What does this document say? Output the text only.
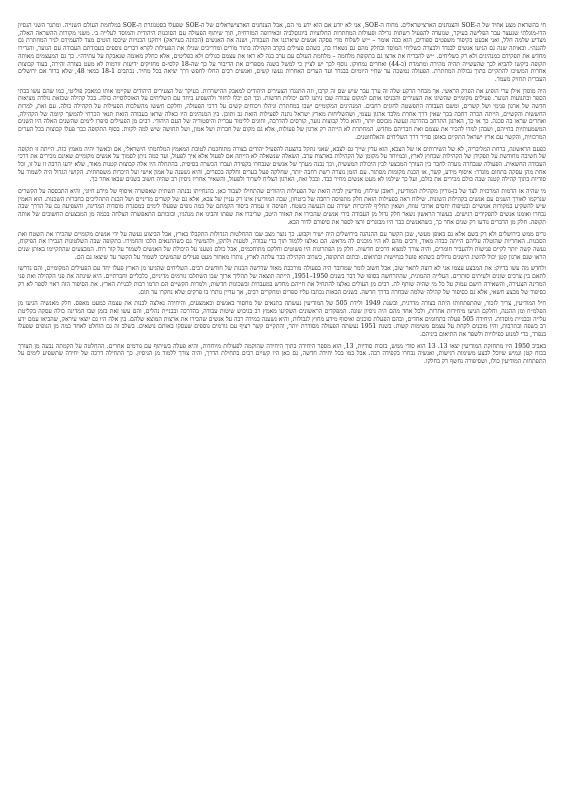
חי בהשראת מצע אחיד של ה-SOE והצנחנים הארצישראלים. מחוח ה-SOE, אני לא יודע אם הוא ידע מי הם, אבל הצנחנים הארצישראלים של ה-SOE שפעלו בסטנוגרת ה-SOE במלחמת העולם השנייה. ומתגר השני הנסיון הדו-מוגלתי שנעצר עבר הפלישה בעיקר, שנועדה להפעיל רשתות גרילה ופעולות המחתרות החלוציות ביוגוסלביה ובאירופה המזרחית, תוך שיתוף הפעולה עם הסוכנות היהודית והמוסד לעלייה ב׳. משני מקורות ההשראה האלה, מצדיע שלמה חלל, ואני אבעט בקיפור משפטים ספורים, הוא כבה אומר – ״יש לשלוח מדי פסקה אנשים שיארגנו את העבודה, ושנה את האנשים (הכוונה בעיראק) ויחקנו הכנויות שיכסו הוטים מצד להעמידם לניר המחתרת גם להגנה״. ובאותה שנה גם הגיעו אנשים לבגדד ולבצרה כשליחי המוסד ובחלק מהם גם נשארו בה, כשהם פעילים בקרב הקהילה בתור מורים ומדריכים שגילו את הפעילות לקרא דברים נוספים בעבודתם העבודה עם הנוער, והגדירו מחדש את תפקידם כמנהיגים ולא רק כשליחים. ״יש להבריח את ארצו גם בתקופת מלחמה – מלחמת העולם עם ערב בנה לא ראו את עצמם כגולים ולא כפליטים, אלא כחלק מאומה שנאבקת על עתידה״. כך גם המעצמים מאותה תקופה ביקשו להביא לכך שהעשייה תהיה מהירה ומתמדת (כ-44) ואחרים נמחוקו. נוסף לכך יש לציין כי למשל בשנה מספרים את הדיבור על כך שה-18 קלסי-ם מחזיקים ידיעות זורמות לא מעט בצורה זהירה, בעוד קבוצות אחרות המשיכו להתקיים בתוך גבולות המחתרת. הפעולה נמשכה עד שחיי היומיום בבגדד ועד הערים האחרות נעשו קשים, ואנשים רבים החלו לחפש דרך יציאה בכל מחיר. נכתבים 18-1 במאי 48, שלא ברור אם ירושלים העברית תחזיק מעמד.

היה מוסדן אילן ערי הופיע את הפרק הראשי. אך מבחר הרקע שלה זה ערך עבר שיש שם זה קרבו, וזה התנגדו הצעירים היהודים למאבק ההישרדות. בעיקר של הצעירים היהודים שקיימו אותו כמאבק פוליטי, כמו שהם עשו בבתי הספר ובתנועות הנוער. פעילים מקומיים שהשיגו את הצעירים והכניסו אותם למקום עבודה שבו ניתנו להם יכולות חדשות. וכך הם יכלו לחזור ולהשפיע ביחד עם השליחים על האוכלוסייה כולה. בכל קהילה שכזאת נולדה מציאות חדשה של ארגון פנימי ושל קשרים, ומשם העבודה התפשטה לחוגים רחבים. המנהיגים המקומיים ישבו במחתרת וניהלו ויכוחים קשים על דרכי הפעולה, וחלקם חששו מהשלכות הפעילות על הקהילה כולה. עם זאת, למרות החששות והקשיים, הייתה הכרה רחבה בכך שאין דרך אחרת מלבד ארגון עצמי, ושהשליחות מארץ ישראל נתנה לפעילות הזאת גב ותוכן. בין המנהיגים היו כאלה שראו בעבודה הזאת תנאי הכרחי להמשך קיומה של הקהילה, ואחרים שראו בה סכנה. כך או כך, הארגון התרחב בהדרגה ונעשה מבוסס יותר, והוא כלל קבוצות נוער, קורסים להדרכה, וחוגים ללימוד עברית והיסטוריה של העם היהודי. רבים מן הפעילים סיפרו לימים שהשנים האלה היו השנים המשמעותיות בחייהם, ושבהן למדו להכיר את עצמם ואת חבריהם מחדש. המחתרת לא הייתה רק ארגון של פעולות, אלא גם מקום של חברות ושל אמון, ושל תחושה שיש למה לקוות. בסוף התקופה כבר פעלו קבוצות בכל הערים המרכזיות, והקשר עם ארץ ישראל התקיים באופן סדיר דרך השליחים והאלחוטנים.

כפעם הראשונה, ברחת המליבריה, לא של השירותים או של הצבא, הוא עדין שייך גם לצבא, שאני נתקל בהצעה להפעיל יהודים בצורה מתוחכמת לטובת המאמץ המלחמתי הישראלי, אם וכאשר יהיה מאמץ כזה. הייתה זו תקופה של חשיבה מחודשת על תפקידן של הקהילות שבחוץ לארץ, ובמיוחד על מקומן של הקהילות בארצות ערב. השאלה שנשאלה לא הייתה אם לפעול אלא איך לפעול, ועד כמה ניתן לסמוך על אנשים מקומיים שאינם מכירים את דרכי העבודה החשאית. הפעולה שנבחרה נועדה לחבר בין הצורך המבצעי לבין היכולת המעשית, וכך נבנה מערך של אנשים שנבחרו בקפידה ועברו הכשרה בסיסית. בהתחלה היו אלה קבוצות קטנות מאוד, שלא ידעו הרבה זו על זו, וכל אחת מהן עסקה בתחום מוגדר: איסוף מידע, קשר, או הכנת מקומות מסתור. עם הזמן נוצרה רשת רחבה יותר, שחלקה פעל בערים וחלקה בכפרים, והיא נשענה על אמון אישי ועל היכרות משפחתית. הקושי הגדול היה לשמור על סודיות בתוך קהילה קטנה שבה כולם מכירים את כולם, ועל כך שילמו לא מעט אנשים מחיר כבד. ובכל זאת, הארגון הצליח לשרוד ולפעול, והשאיר אחריו ניסיון רב שהיה חשוב בשנים שבאו אחר כך.

מי שהיה אז הדמות המרכזית לצד של בן-גוריון מקהילת המודיעין, ראובן שילוח, מודיעין לביה הזאת של הפעילות היהודים שהתחילו לעבוד כאן. בהנחייתו נבנתה תשתית שאפשרה איסוף של מידע חיוני, והיא התבססה על הקשרים שנרקמו לאורך השנים עם אנשים בקהילות השונות. שילוח ראה בפעילות הזאת חלק מתפיסה רחבה של ביטחון, שבה המודיעין אינו רק עניין של צבא, אלא גם של קשרים מדיניים ושל הבנת התהליכים בחברות השכנות. הוא האמין שיש להשקיע במקורות אנושיים ובטיפוח יחסים ארוכי טווח, ושאין תחליף להיכרות ישירה עם הנעשה בשטח. תפיסה זו עמדה ביסוד הקמתם של כמה גופים שפעלו לימים במסגרת מוסדות המדינה, והשפיעה גם על הדרך שבה נבחרו ואומנו אנשים לתפקידים רגישים. בעשור הראשון נשאר חלק גדול מן העבודה בידי אנשים שהכירו את האזור היטב, שדיברו את שפתו והבינו את מנהגיו, ובזכותם התאפשרה הצלחה בכמה מן המבצעים החשובים של אותה תקופה. חלק מן הדברים נודעו רק שנים אחר כך, כשהאנשים כבר היו מבוגרים ורצו לספר את סיפורם לדור הבא.

גרים ממש בירושלים ולא רק בשם אלא גם באופן מעשי, שכן הקשר עם ההנהגה בירושלים היה ישיר וקבוע. כך נוצר מצב שבו ההחלטות הגדולות התקבלו בארץ, אבל הביצוע נעשה על ידי אנשים מקומיים שהכירו את השטח ואת הסכנות. האחריות שהוטלה עליהם הייתה כבדה מאוד, ורבים מהם לא היו מוכנים לה מראש. הם נאלצו ללמוד תוך כדי עבודה, לטעות ולתקן, ולהמשיך גם כשהתנאים הלכו והחמירו. בתקופה שבה השלטונות הגבירו את הפיקוח, נעשה קשה יותר לקיים פגישות ולהעביר חומרים, והיה צורך למצוא דרכים חדשות. חלק מן הפתרונות היו פשוטים וחלקם מתוחכמים, אבל כולם נשענו על היכולת של האנשים לשמור על קור רוח. המבצעים שהתקיימו באותן שנים הראו שגם ארגון קטן יכול להשיג הישגים גדולים כשהוא פועל בנחישות ובתיאום. ובתום התקופה, כשרוב הקהילה כבר עלתה לארץ, נותרו מאחור מעט פעילים שהמשיכו לשמור על הקשר עד שיצאו גם הם.

ולחדש מה עשו בדיוק: את המבצע עצמו אני לא רוצה לתאר שוב, אבל חשוב לומר שמדובר היה בפעולה מורכבת מאוד שדרשה הכנות של חודשים רבים. השליחים שהגיעו מן הארץ פעלו יחד עם הפעילים המקומיים, והם נדרשו לתאם בין צרכים שונים ולעיתים סותרים. העלייה ההמונית, שהתרחשה בסופו של דבר בשנים 1950–1951, הייתה תוצאה של תהליך ארוך שבו השתלבו גורמים מדיניים, כלכליים וחברתיים. היא שינתה את פני הקהילה ואת פני המדינה הצעירה, והשאירה רושם עמוק על כל מי שהיה שותף לה. רבים מן העולים נאלצו להתחיל את חייהם מחדש במעברות ובשכונות חדשות, ולמרות הקשיים הם תרמו רבות לבניית הארץ. את הסיפור הזה ראוי לספר לא רק כסיפור של מבצע חשאי, אלא גם כסיפור של קהילה שלמה שבחרה בדרך חדשה. בשנים הבאות נכתבו עליו ספרים ומחקרים רבים, אך עדיין נותרו בו פרקים שלא נחקרו עד תום.

חיל המודיעין, צריך לזכור, שהתפתחותו היתה בצורה מדרגית, ובשנת 1949 ולידת 505 של המודיעין נעשתה בתנאים של מחסור באנשים ובאמצעים, והיחידה נאלצה לבנות את עצמה כמעט מאפס. חלק מאנשיה הגיעו מן הפלמ״ח ומן ההגנה, וחלקם הגיעו מיחידות אחרות, ולכל אחד מהם היה ניסיון שונה. המפקדים הראשונים השקיעו מאמץ רב בגיבוש שיטות עבודה, בהדרכה ובבניית נהלים, והם עשו זאת בזמן שבו המדינה כולה עסקה בקליטת עלייה ובבניית מוסדות. היחידה 505 פעלה בתחומים אחדים, ובהם הפעלת סוכנים ואיסוף מידע מחוץ לגבולות, והיא נשענה במידה רבה על אנשים שהכירו את ארצות המוצא שלהם. בין אלה היו גם יוצאי עיראק, שהביאו עמם ידע רב בשפה ובתרבות, והיו מוכנים לקחת על עצמם משימות קשות. בשנת 1951 נעשתה הפעולה מסודרת יותר, והתקיים קשר רציף עם גורמים נוספים שעסקו באותם נושאים. בשלב זה גם הוחלט לאחד כמה מן הגופים שפעלו בנפרד, כדי למנוע כפילויות ולשפר את התיאום ביניהם.

באביב 1950 היו מתחזקת המודיעין יצאו 13. 13 הוא סודי ממש, בזכות סודיות, 13, הוא מספר היחידה בתוך היחידה שהוקמה לפעולות מיוחדות, והיא פעלה בשיתוף עם גורמים אחרים. ההחלטה על הקמתה נבעה מן הצורך בכוח קטן וגמיש שיוכל לבצע משימות רגישות, ואנשיה נבחרו בקפידה רבה. אבל כמו בכל יחידה חדשה, גם כאן היו קשיים רבים בתחילת הדרך, והיה צורך ללמוד מן הניסיון. כך התחילה דרכה של יחידה שתשפיע לימים על התפתחות המודיעין כולו, ושסיפורה נחשף רק בחלקו.
